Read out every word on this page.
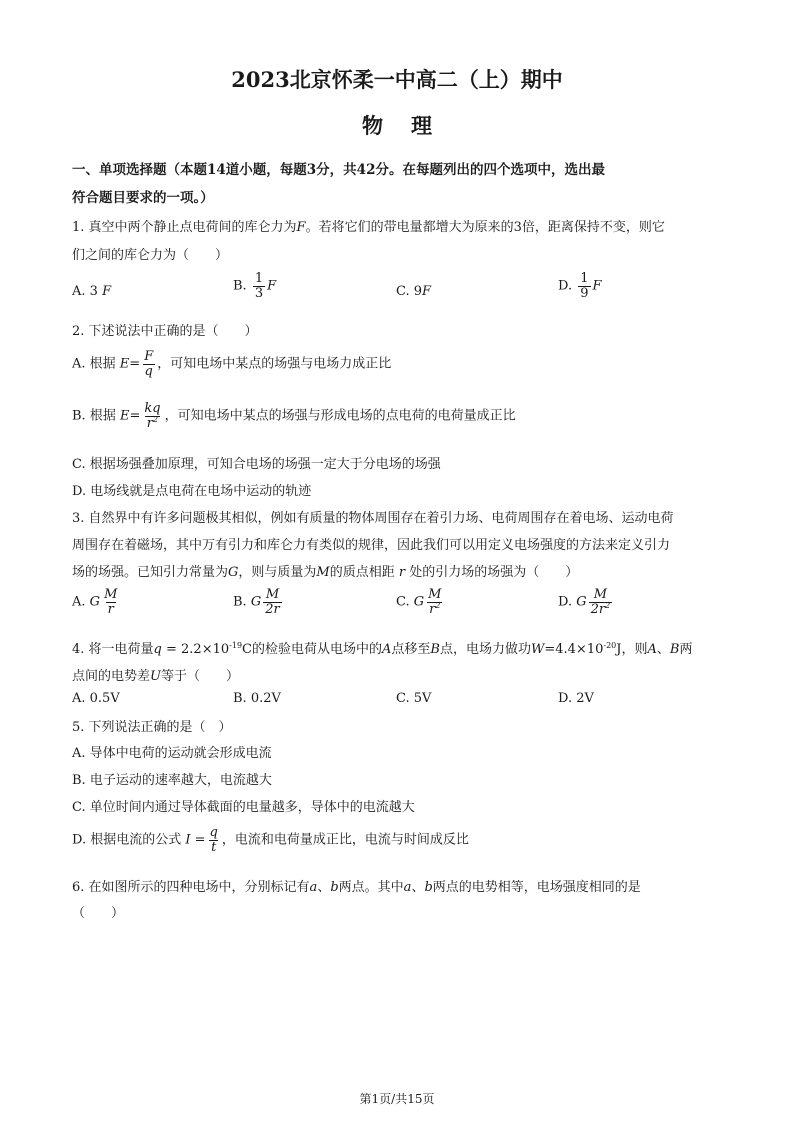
2023北京怀柔一中高二（上）期中
物理
一、单项选择题（本题14道小题，每题3分，共42分。在每题列出的四个选项中，选出最
符合题目要求的一项。）
1. 真空中两个静止点电荷间的库仑力为F。若将它们的带电量都增大为原来的3倍，距离保持不变，则它
们之间的库仑力为（　　）
A. 3 F	B. $\frac{1}{3}$ F	C. 9F	D. $\frac{1}{9}$ F
2. 下述说法中正确的是（　　）
A. 根据 $E= \frac{F}{q}$ ，可知电场中某点的场强与电场力成正比
B. 根据 $E= \frac{kq}{r^2}$ ，可知电场中某点的场强与形成电场的点电荷的电荷量成正比
C. 根据场强叠加原理，可知合电场的场强一定大于分电场的场强
D. 电场线就是点电荷在电场中运动的轨迹
3. 自然界中有许多问题极其相似，例如有质量的物体周围存在着引力场、电荷周围存在着电场、运动电荷
周围存在着磁场，其中万有引力和库仑力有类似的规律，因此我们可以用定义电场强度的方法来定义引力
场的场强。已知引力常量为G，则与质量为M的质点相距 r 处的引力场的场强为（　　）
A. G $\frac{M}{r}$	B. G $\frac{M}{2r}$	C. G $\frac{M}{r^2}$	D. G $\frac{M}{2r^2}$
4. 将一电荷量$q = 2.2\times 10^{-19}C$的检验电荷从电场中的A点移至B点，电场力做功$W=4.4\times 10^{-20}J$，则A、B两
点间的电势差U等于（　　）
A. 0.5V	B. 0.2V	C. 5V	D. 2V
5. 下列说法正确的是（　）
A. 导体中电荷的运动就会形成电流
B. 电子运动的速率越大，电流越大
C. 单位时间内通过导体截面的电量越多，导体中的电流越大
D. 根据电流的公式 $I = \frac{q}{t}$ ，电流和电荷量成正比，电流与时间成反比
6. 在如图所示的四种电场中，分别标记有a、b两点。其中a、b两点的电势相等，电场强度相同的是
（　　）
第1页/共15页
